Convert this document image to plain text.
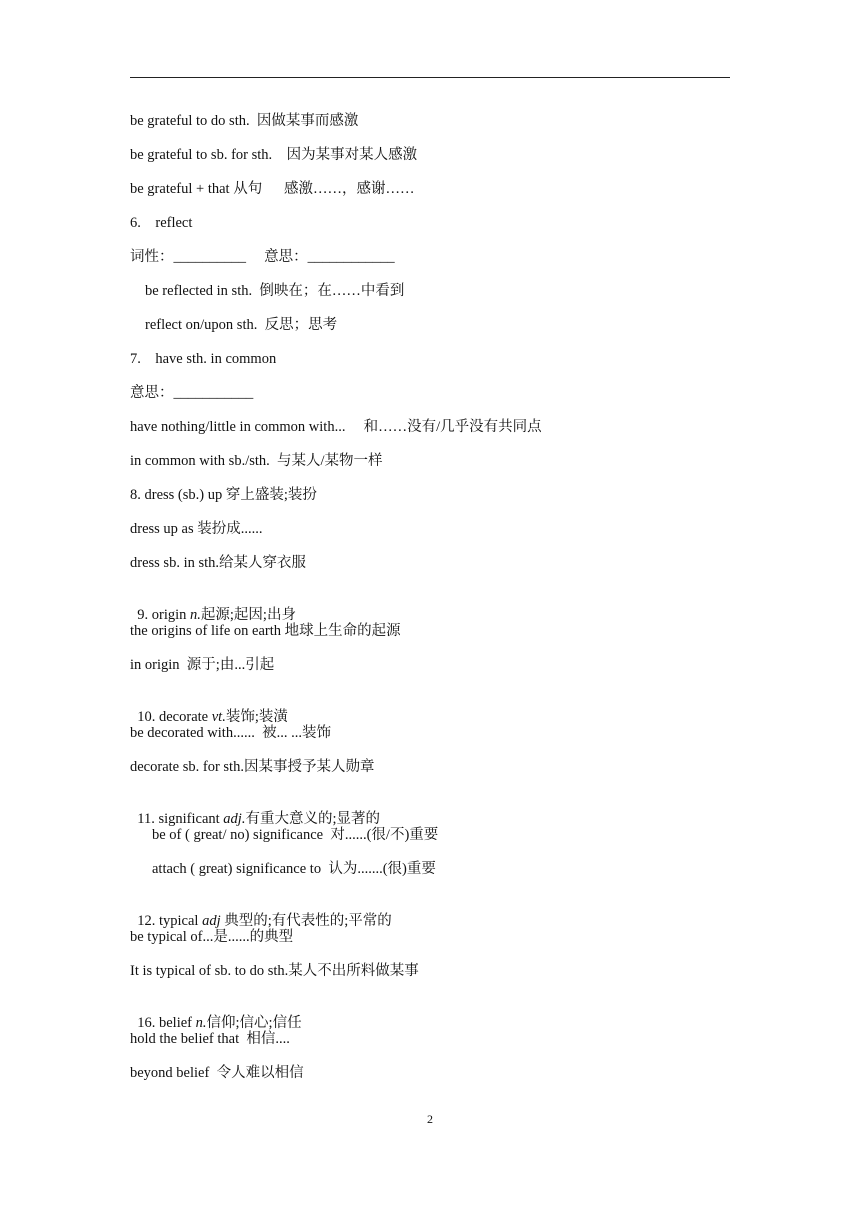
be grateful to do sth.  因做某事而感激
be grateful to sb. for sth.    因为某事对某人感激
be grateful + that 从句      感激……，感谢……
6.    reflect
词性：__________     意思：____________
be reflected in sth.  倒映在；在……中看到
reflect on/upon sth.  反思；思考
7.    have sth. in common
意思：___________
have nothing/little in common with...     和……没有/几乎没有共同点
in common with sb./sth.  与某人/某物一样
8. dress (sb.) up 穿上盛装;装扮
dress up as 装扮成......
dress sb. in sth.给某人穿衣服

9. origin n.起源;起因;出身

the origins of life on earth 地球上生命的起源
in origin  源于;由...引起

10. decorate vt.装饰;装潢

be decorated with......  被... ...装饰
decorate sb. for sth.因某事授予某人勋章

11. significant adj.有重大意义的;显著的

be of ( great/ no) significance  对......(很/不)重要
attach ( great) significance to  认为.......(很)重要

12. typical adj 典型的;有代表性的;平常的

be typical of...是......的典型
It is typical of sb. to do sth.某人不出所料做某事

16. belief n.信仰;信心;信任

hold the belief that  相信....
beyond belief  令人难以相信
2
